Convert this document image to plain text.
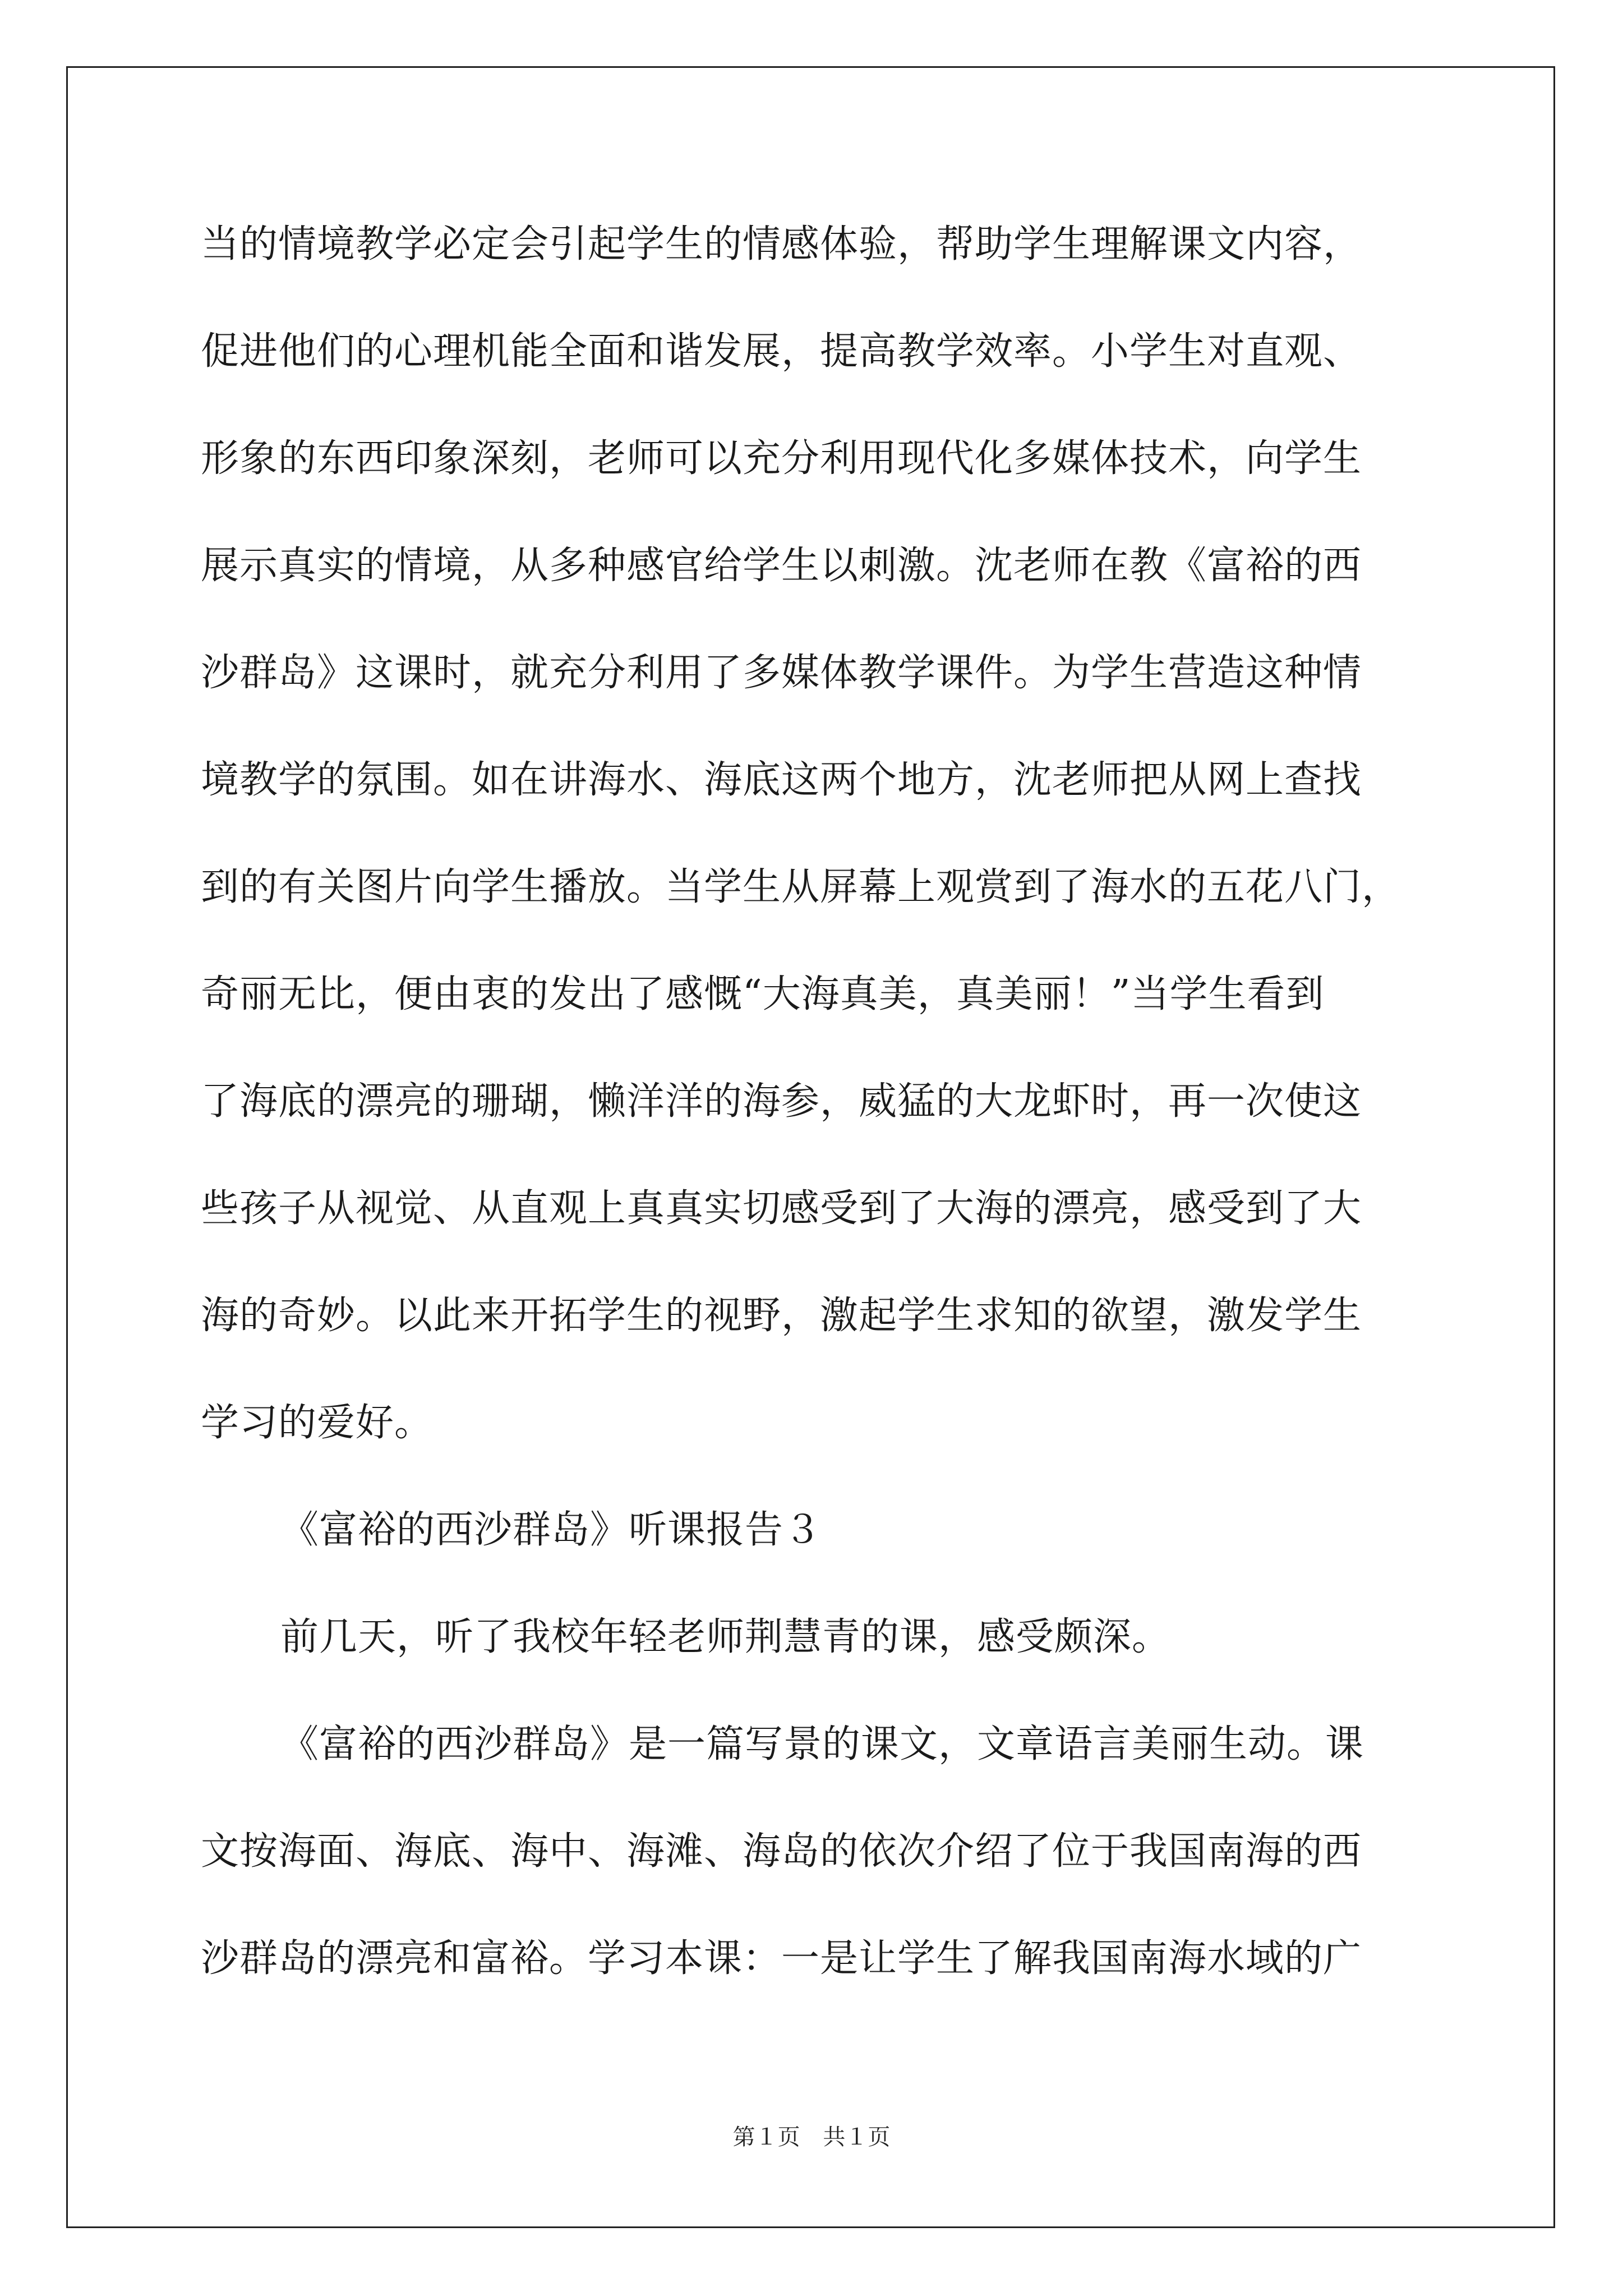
当的情境教学必定会引起学生的情感体验，帮助学生理解课文内容，
促进他们的心理机能全面和谐发展，提高教学效率。小学生对直观、
形象的东西印象深刻，老师可以充分利用现代化多媒体技术，向学生
展示真实的情境，从多种感官给学生以刺激。沈老师在教《富裕的西
沙群岛》这课时，就充分利用了多媒体教学课件。为学生营造这种情
境教学的氛围。如在讲海水、海底这两个地方，沈老师把从网上查找
到的有关图片向学生播放。当学生从屏幕上观赏到了海水的五花八门，
奇丽无比，便由衷的发出了感慨“大海真美，真美丽！”当学生看到
了海底的漂亮的珊瑚，懒洋洋的海参，威猛的大龙虾时，再一次使这
些孩子从视觉、从直观上真真实切感受到了大海的漂亮，感受到了大
海的奇妙。以此来开拓学生的视野，激起学生求知的欲望，激发学生
学习的爱好。
《富裕的西沙群岛》听课报告３
前几天，听了我校年轻老师荆慧青的课，感受颇深。
《富裕的西沙群岛》是一篇写景的课文，文章语言美丽生动。课
文按海面、海底、海中、海滩、海岛的依次介绍了位于我国南海的西
沙群岛的漂亮和富裕。学习本课：一是让学生了解我国南海水域的广
第１页 共１页
